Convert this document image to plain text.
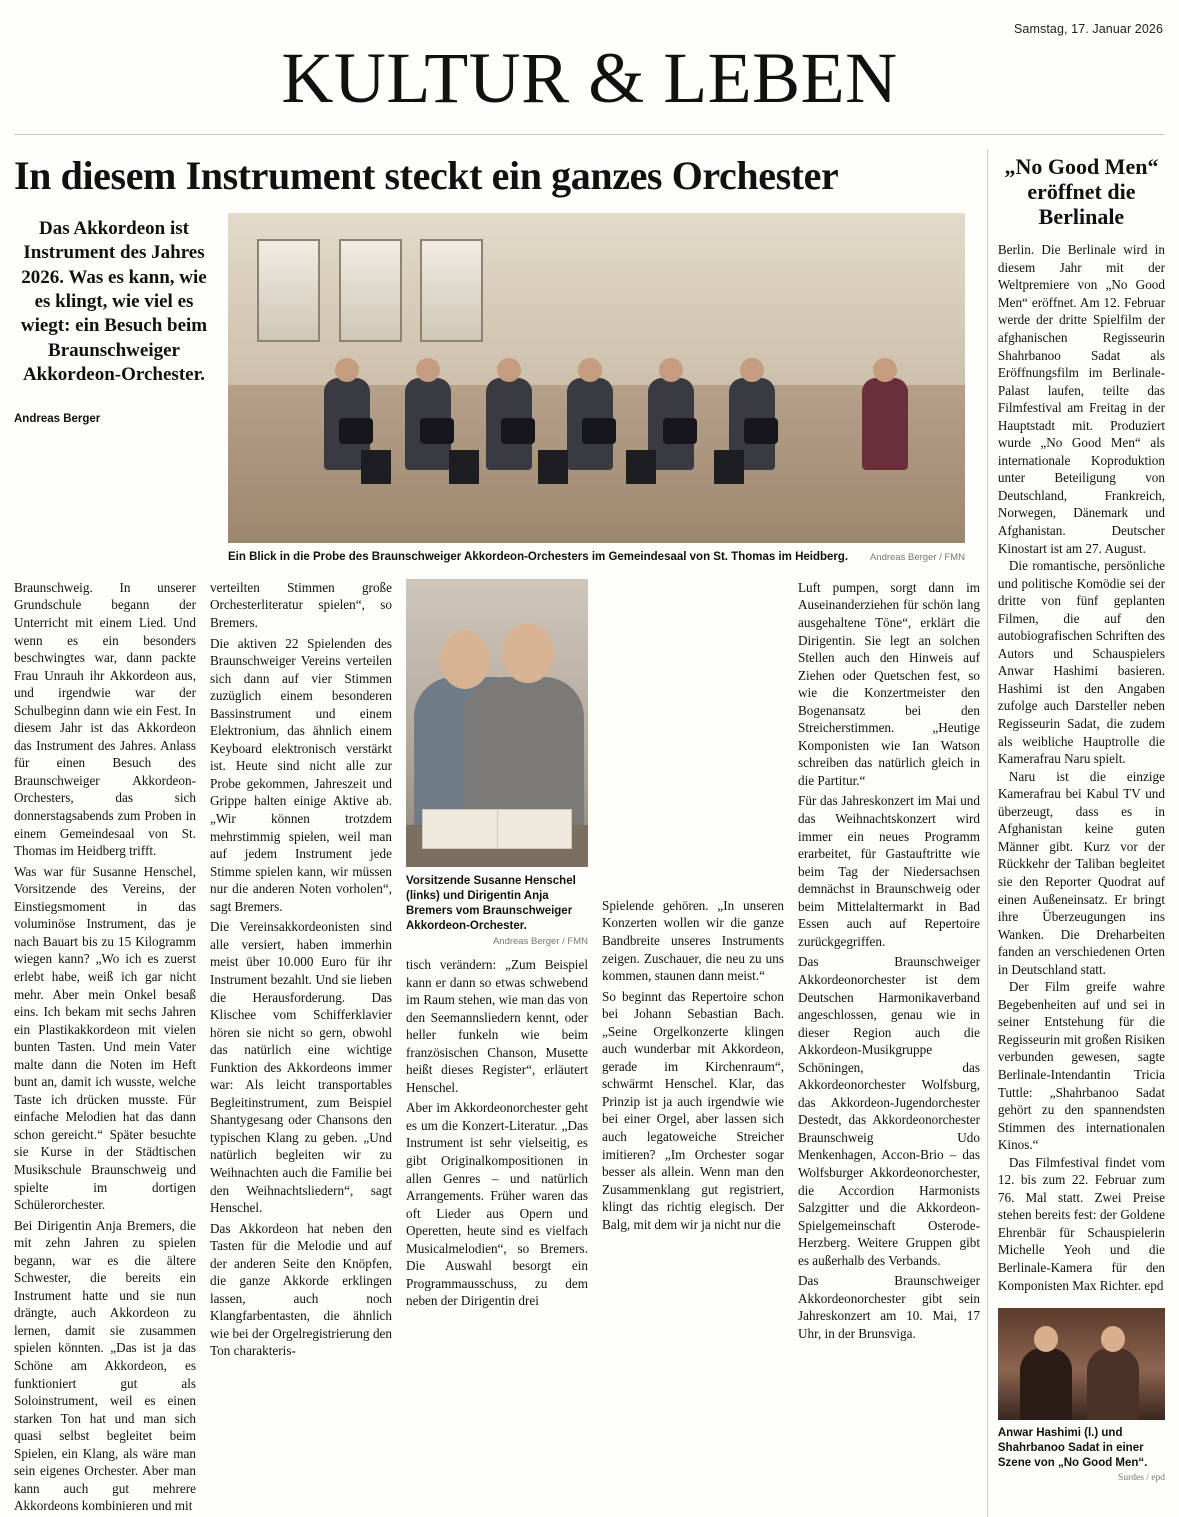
Samstag, 17. Januar 2026
KULTUR & LEBEN
In diesem Instrument steckt ein ganzes Orchester

Das Akkordeon ist Instrument des Jahres 2026. Was es kann, wie es klingt, wie viel es wiegt: ein Besuch beim Braunschweiger Akkordeon-Orchester.

Andreas Berger
Ein Blick in die Probe des Braunschweiger Akkordeon-Orchesters im Gemeindesaal von St. Thomas im Heidberg. Andreas Berger / FMN

Braunschweig. In unserer Grundschule begann der Unterricht mit einem Lied. Und wenn es ein besonders beschwingtes war, dann packte Frau Unrauh ihr Akkordeon aus, und irgendwie war der Schulbeginn dann wie ein Fest. In diesem Jahr ist das Akkordeon das Instrument des Jahres. Anlass für einen Besuch des Braunschweiger Akkordeon-Orchesters, das sich donnerstagsabends zum Proben in einem Gemeindesaal von St. Thomas im Heidberg trifft.

Was war für Susanne Henschel, Vorsitzende des Vereins, der Einstiegsmoment in das voluminöse Instrument, das je nach Bauart bis zu 15 Kilogramm wiegen kann? „Wo ich es zuerst erlebt habe, weiß ich gar nicht mehr. Aber mein Onkel besaß eins. Ich bekam mit sechs Jahren ein Plastikakkordeon mit vielen bunten Tasten. Und mein Vater malte dann die Noten im Heft bunt an, damit ich wusste, welche Taste ich drücken musste. Für einfache Melodien hat das dann schon gereicht.“ Später besuchte sie Kurse in der Städtischen Musikschule Braunschweig und spielte im dortigen Schülerorchester.

Bei Dirigentin Anja Bremers, die mit zehn Jahren zu spielen begann, war es die ältere Schwester, die bereits ein Instrument hatte und sie nun drängte, auch Akkordeon zu lernen, damit sie zusammen spielen könnten. „Das ist ja das Schöne am Akkordeon, es funktioniert gut als Soloinstrument, weil es einen starken Ton hat und man sich quasi selbst begleitet beim Spielen, ein Klang, als wäre man sein eigenes Orchester. Aber man kann auch gut mehrere Akkordeons kombinieren und mit

verteilten Stimmen große Orchesterliteratur spielen“, so Bremers.

Die aktiven 22 Spielenden des Braunschweiger Vereins verteilen sich dann auf vier Stimmen zuzüglich einem besonderen Bassinstrument und einem Elektronium, das ähnlich einem Keyboard elektronisch verstärkt ist. Heute sind nicht alle zur Probe gekommen, Jahreszeit und Grippe halten einige Aktive ab. „Wir können trotzdem mehrstimmig spielen, weil man auf jedem Instrument jede Stimme spielen kann, wir müssen nur die anderen Noten vorholen“, sagt Bremers.

Die Vereinsakkordeonisten sind alle versiert, haben immerhin meist über 10.000 Euro für ihr Instrument bezahlt. Und sie lieben die Herausforderung. Das Klischee vom Schifferklavier hören sie nicht so gern, obwohl das natürlich eine wichtige Funktion des Akkordeons immer war: Als leicht transportables Begleitinstrument, zum Beispiel Shantygesang oder Chansons den typischen Klang zu geben. „Und natürlich begleiten wir zu Weihnachten auch die Familie bei den Weihnachtsliedern“, sagt Henschel.

Das Akkordeon hat neben den Tasten für die Melodie und auf der anderen Seite den Knöpfen, die ganze Akkorde erklingen lassen, auch noch Klangfarbentasten, die ähnlich wie bei der Orgelregistrierung den Ton charakteris-

Vorsitzende Susanne Henschel (links) und Dirigentin Anja Bremers vom Braunschweiger Akkordeon-Orchester.
Andreas Berger / FMN

tisch verändern: „Zum Beispiel kann er dann so etwas schwebend im Raum stehen, wie man das von den Seemannsliedern kennt, oder heller funkeln wie beim französischen Chanson, Musette heißt dieses Register“, erläutert Henschel.

Aber im Akkordeonorchester geht es um die Konzert-Literatur. „Das Instrument ist sehr vielseitig, es gibt Originalkompositionen in allen Genres – und natürlich Arrangements. Früher waren das oft Lieder aus Opern und Operetten, heute sind es vielfach Musicalmelodien“, so Bremers. Die Auswahl besorgt ein Programmausschuss, zu dem neben der Dirigentin drei

Spielende gehören. „In unseren Konzerten wollen wir die ganze Bandbreite unseres Instruments zeigen. Zuschauer, die neu zu uns kommen, staunen dann meist.“

So beginnt das Repertoire schon bei Johann Sebastian Bach. „Seine Orgelkonzerte klingen auch wunderbar mit Akkordeon, gerade im Kirchenraum“, schwärmt Henschel. Klar, das Prinzip ist ja auch irgendwie wie bei einer Orgel, aber lassen sich auch legatoweiche Streicher imitieren? „Im Orchester sogar besser als allein. Wenn man den Zusammenklang gut registriert, klingt das richtig elegisch. Der Balg, mit dem wir ja nicht nur die

Luft pumpen, sorgt dann im Auseinanderziehen für schön lang ausgehaltene Töne“, erklärt die Dirigentin. Sie legt an solchen Stellen auch den Hinweis auf Ziehen oder Quetschen fest, so wie die Konzertmeister den Bogenansatz bei den Streicherstimmen. „Heutige Komponisten wie Ian Watson schreiben das natürlich gleich in die Partitur.“

Für das Jahreskonzert im Mai und das Weihnachtskonzert wird immer ein neues Programm erarbeitet, für Gastauftritte wie beim Tag der Niedersachsen demnächst in Braunschweig oder beim Mittelaltermarkt in Bad Essen auch auf Repertoire zurückgegriffen.

Das Braunschweiger Akkordeonorchester ist dem Deutschen Harmonikaverband angeschlossen, genau wie in dieser Region auch die Akkordeon-Musikgruppe Schöningen, das Akkordeonorchester Wolfsburg, das Akkordeon-Jugendorchester Destedt, das Akkordeonorchester Braunschweig Udo Menkenhagen, Accon-Brio – das Wolfsburger Akkordeonorchester, die Accordion Harmonists Salzgitter und die Akkordeon-Spielgemeinschaft Osterode-Herzberg. Weitere Gruppen gibt es außerhalb des Verbands.

Das Braunschweiger Akkordeonorchester gibt sein Jahreskonzert am 10. Mai, 17 Uhr, in der Brunsviga.

„No Good Men“ eröffnet die Berlinale

Berlin. Die Berlinale wird in diesem Jahr mit der Weltpremiere von „No Good Men“ eröffnet. Am 12. Februar werde der dritte Spielfilm der afghanischen Regisseurin Shahrbanoo Sadat als Eröffnungsfilm im Berlinale-Palast laufen, teilte das Filmfestival am Freitag in der Hauptstadt mit. Produziert wurde „No Good Men“ als internationale Koproduktion unter Beteiligung von Deutschland, Frankreich, Norwegen, Dänemark und Afghanistan. Deutscher Kinostart ist am 27. August.

Die romantische, persönliche und politische Komödie sei der dritte von fünf geplanten Filmen, die auf den autobiografischen Schriften des Autors und Schauspielers Anwar Hashimi basieren. Hashimi ist den Angaben zufolge auch Darsteller neben Regisseurin Sadat, die zudem als weibliche Hauptrolle die Kamerafrau Naru spielt.

Naru ist die einzige Kamerafrau bei Kabul TV und überzeugt, dass es in Afghanistan keine guten Männer gibt. Kurz vor der Rückkehr der Taliban begleitet sie den Reporter Quodrat auf einen Außeneinsatz. Er bringt ihre Überzeugungen ins Wanken. Die Dreharbeiten fanden an verschiedenen Orten in Deutschland statt.

Der Film greife wahre Begebenheiten auf und sei in seiner Entstehung für die Regisseurin mit großen Risiken verbunden gewesen, sagte Berlinale-Intendantin Tricia Tuttle: „Shahrbanoo Sadat gehört zu den spannendsten Stimmen des internationalen Kinos.“

Das Filmfestival findet vom 12. bis zum 22. Februar zum 76. Mal statt. Zwei Preise stehen bereits fest: der Goldene Ehrenbär für Schauspielerin Michelle Yeoh und die Berlinale-Kamera für den Komponisten Max Richter. epd

Anwar Hashimi (l.) und Shahrbanoo Sadat in einer Szene von „No Good Men“.
Surdes / epd
